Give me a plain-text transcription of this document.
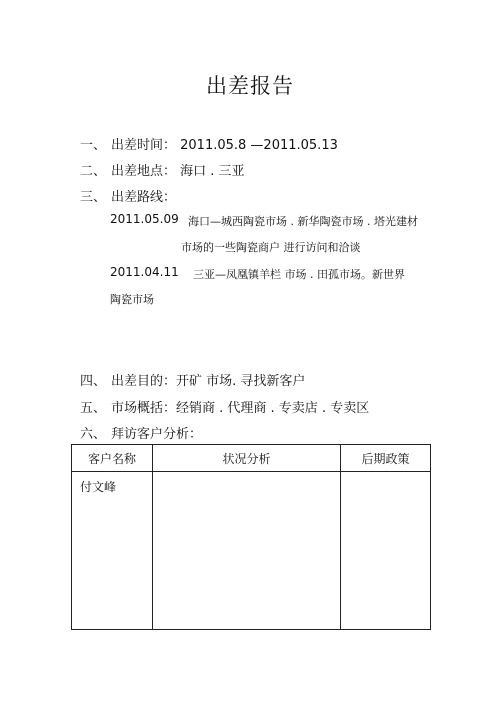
出差报告
一、 出差时间： 2011.05.8 —2011.05.13
二、 出差地点： 海口 . 三亚
三、 出差路线：
2011.05.09 海口—城西陶瓷市场 . 新华陶瓷市场 . 塔光建材
市场的一些陶瓷商户 进行访问和洽谈
2011.04.11 三亚—凤凰镇羊栏 市场 . 田孤市场。新世界
陶瓷市场
四、 出差目的：开矿 市场. 寻找新客户
五、 市场概括：经销商 . 代理商 . 专卖店 . 专卖区
六、 拜访客户分析：
客户名称	状况分析	后期政策

付文峰		
